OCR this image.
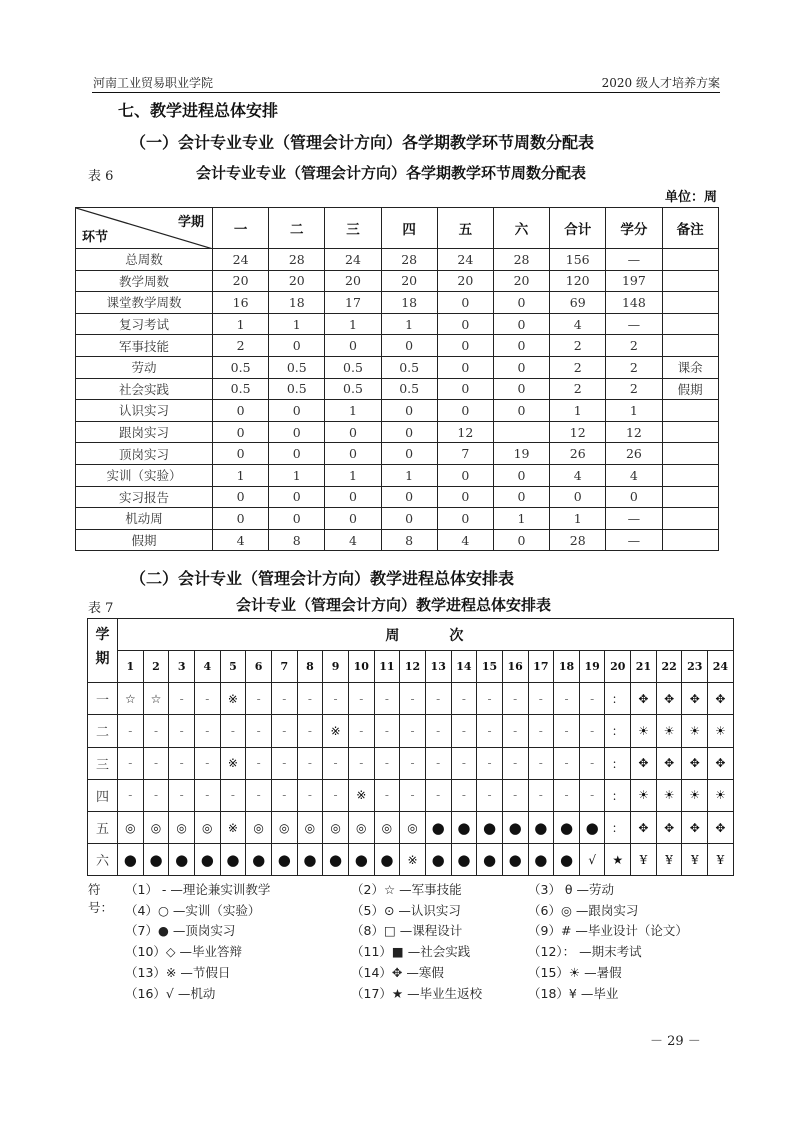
河南工业贸易职业学院	2020 级人才培养方案
七、教学进程总体安排
（一）会计专业专业（管理会计方向）各学期教学环节周数分配表
表 6	会计专业专业（管理会计方向）各学期教学环节周数分配表
单位：周
学期
环节	一	二	三	四	五	六	合计	学分	备注
总周数	24	28	24	28	24	28	156	—	
教学周数	20	20	20	20	20	20	120	197	
课堂教学周数	16	18	17	18	0	0	69	148	
复习考试	1	1	1	1	0	0	4	—	
军事技能	2	0	0	0	0	0	2	2	
劳动	0.5	0.5	0.5	0.5	0	0	2	2	课余
社会实践	0.5	0.5	0.5	0.5	0	0	2	2	假期
认识实习	0	0	1	0	0	0	1	1	
跟岗实习	0	0	0	0	12		12	12	
顶岗实习	0	0	0	0	7	19	26	26	
实训（实验）	1	1	1	1	0	0	4	4	
实习报告	0	0	0	0	0	0	0	0	
机动周	0	0	0	0	0	1	1	—	
假期	4	8	4	8	4	0	28	—	
（二）会计专业（管理会计方向）教学进程总体安排表
表 7	会计专业（管理会计方向）教学进程总体安排表
学
期	周 次																							
	1	2	3	4	5	6	7	8	9	10	11	12	13	14	15	16	17	18	19	20	21	22	23	24
一	☆	☆	-	-	※	-	-	-	-	-	-	-	-	-	-	-	-	-	-	：	✥	✥	✥	✥
二	-	-	-	-	-	-	-	-	※	-	-	-	-	-	-	-	-	-	-	：	☀	☀	☀	☀
三	-	-	-	-	※	-	-	-	-	-	-	-	-	-	-	-	-	-	-	：	✥	✥	✥	✥
四	-	-	-	-	-	-	-	-	-	※	-	-	-	-	-	-	-	-	-	：	☀	☀	☀	☀
五	◎	◎	◎	◎	※	◎	◎	◎	◎	◎	◎	◎	●	●	●	●	●	●	●	：	✥	✥	✥	✥
六	●	●	●	●	●	●	●	●	●	●	●	※	●	●	●	●	●	●	√	★	¥	¥	¥	¥
符号：
（1） - —理论兼实训教学	（2）☆ —军事技能	（3） θ —劳动
（4）○ —实训（实验）	（5）⊙ —认识实习	（6）◎ —跟岗实习
（7）● —顶岗实习	（8）□ —课程设计	（9）# —毕业设计（论文）
（10）◇ —毕业答辩	（11）■ —社会实践	（12）： —期末考试
（13）※ —节假日	（14）✥ —寒假	（15）☀ —暑假
（16）√ —机动	（17）★ —毕业生返校	（18）¥ —毕业
－ 29 －
